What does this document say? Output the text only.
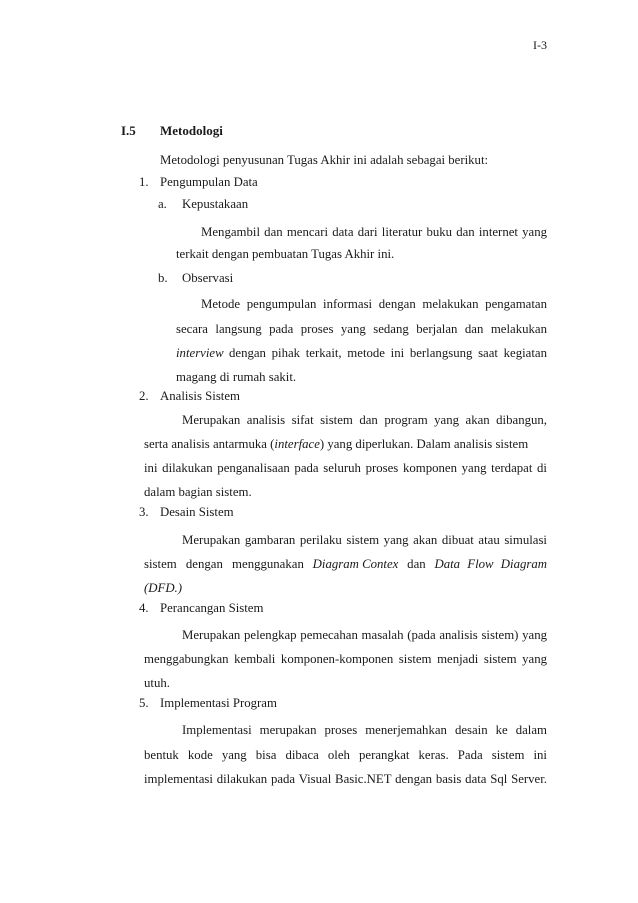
I-3
I.5 Metodologi
Metodologi penyusunan Tugas Akhir ini adalah sebagai berikut:
1. Pengumpulan Data
a. Kepustakaan
Mengambil dan mencari data dari literatur buku dan internet yang
terkait dengan pembuatan Tugas Akhir ini.
b. Observasi
Metode pengumpulan informasi dengan melakukan pengamatan
secara langsung pada proses yang sedang berjalan dan melakukan
interview dengan pihak terkait, metode ini berlangsung saat kegiatan
magang di rumah sakit.
2. Analisis Sistem
Merupakan analisis sifat sistem dan program yang akan dibangun,
serta analisis antarmuka (interface) yang diperlukan. Dalam analisis sistem
ini dilakukan penganalisaan pada seluruh proses komponen yang terdapat di
dalam bagian sistem.
3. Desain Sistem
Merupakan gambaran perilaku sistem yang akan dibuat atau simulasi
sistem dengan menggunakan Diagram Contex dan Data Flow Diagram
(DFD.)
4. Perancangan Sistem
Merupakan pelengkap pemecahan masalah (pada analisis sistem) yang
menggabungkan kembali komponen-komponen sistem menjadi sistem yang
utuh.
5. Implementasi Program
Implementasi merupakan proses menerjemahkan desain ke dalam
bentuk kode yang bisa dibaca oleh perangkat keras. Pada sistem ini
implementasi dilakukan pada Visual Basic.NET dengan basis data Sql Server.
